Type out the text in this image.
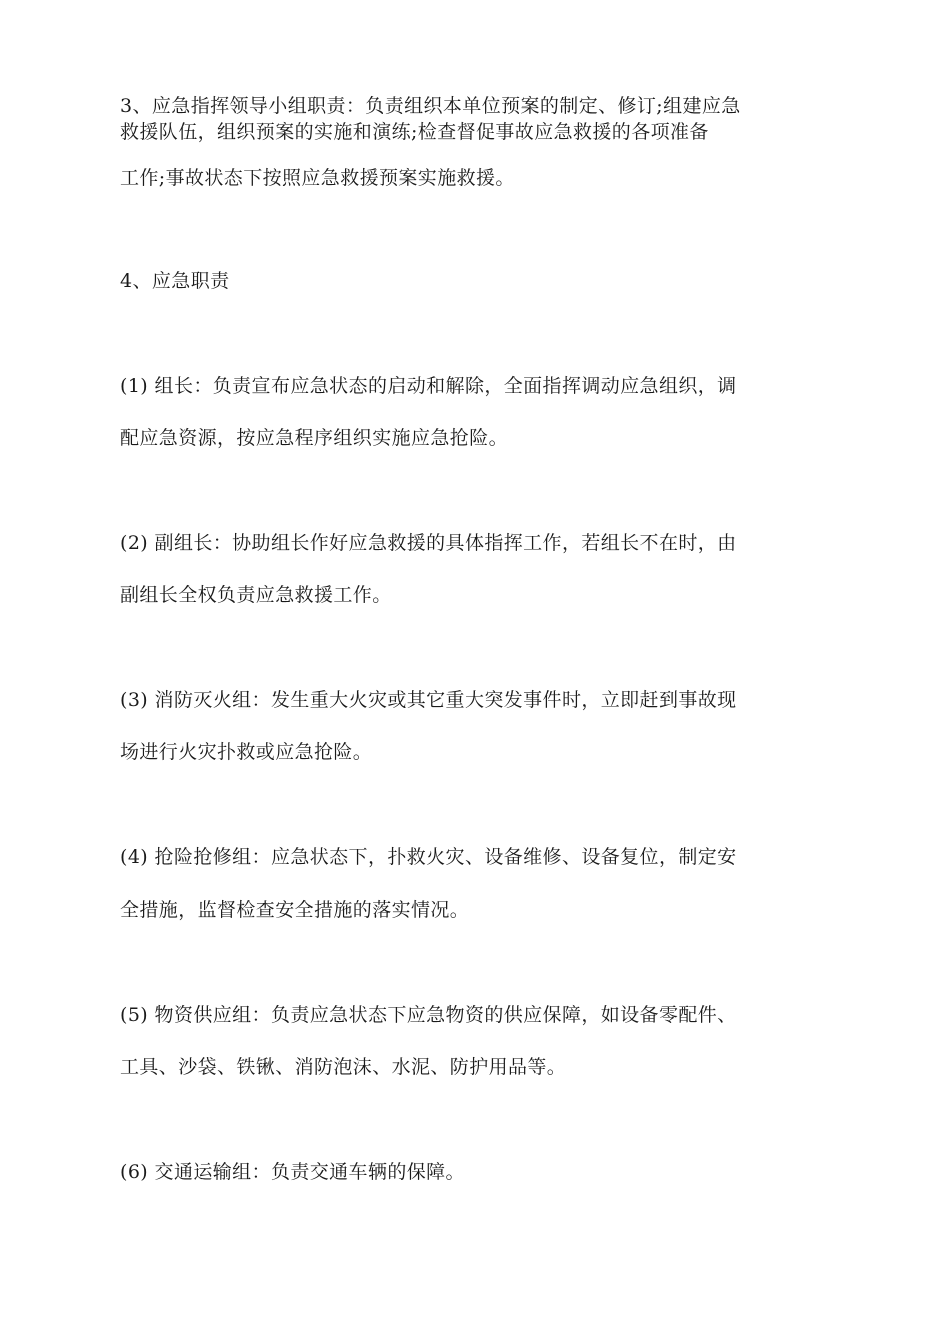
3、应急指挥领导小组职责：负责组织本单位预案的制定、修订;组建应急
救援队伍，组织预案的实施和演练;检查督促事故应急救援的各项准备
工作;事故状态下按照应急救援预案实施救援。
4、应急职责
(1) 组长：负责宣布应急状态的启动和解除，全面指挥调动应急组织，调
配应急资源，按应急程序组织实施应急抢险。
(2) 副组长：协助组长作好应急救援的具体指挥工作，若组长不在时，由
副组长全权负责应急救援工作。
(3) 消防灭火组：发生重大火灾或其它重大突发事件时，立即赶到事故现
场进行火灾扑救或应急抢险。
(4) 抢险抢修组：应急状态下，扑救火灾、设备维修、设备复位，制定安
全措施，监督检查安全措施的落实情况。
(5) 物资供应组：负责应急状态下应急物资的供应保障，如设备零配件、
工具、沙袋、铁锹、消防泡沫、水泥、防护用品等。
(6) 交通运输组：负责交通车辆的保障。
